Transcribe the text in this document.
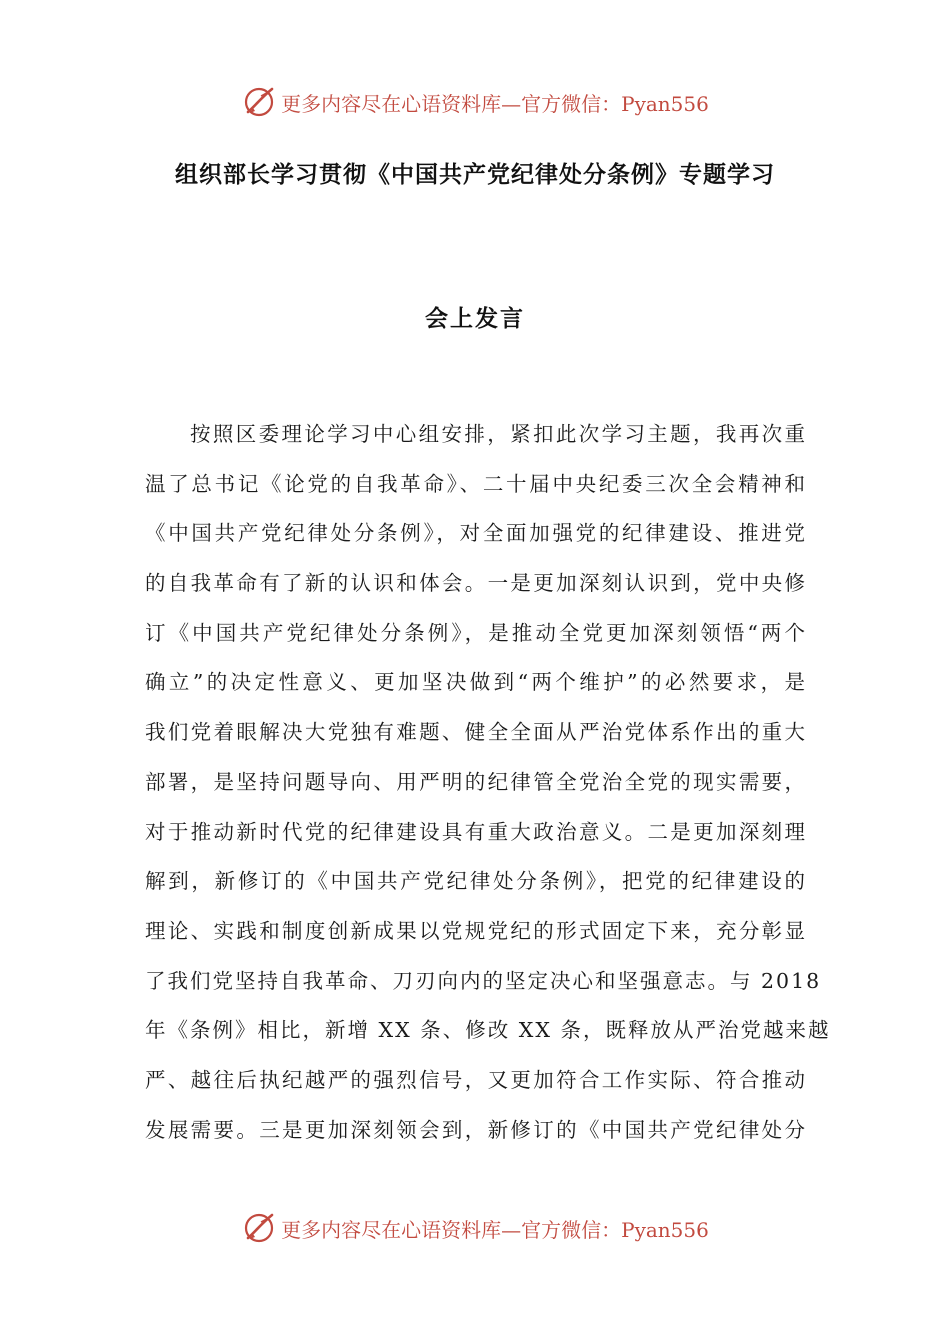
更多内容尽在心语资料库—官方微信：Pyan556
组织部长学习贯彻《中国共产党纪律处分条例》专题学习
会上发言
按照区委理论学习中心组安排，紧扣此次学习主题，我再次重
温了总书记《论党的自我革命》、二十届中央纪委三次全会精神和
《中国共产党纪律处分条例》，对全面加强党的纪律建设、推进党
的自我革命有了新的认识和体会。一是更加深刻认识到，党中央修
订《中国共产党纪律处分条例》，是推动全党更加深刻领悟“两个
确立”的决定性意义、更加坚决做到“两个维护”的必然要求，是
我们党着眼解决大党独有难题、健全全面从严治党体系作出的重大
部署，是坚持问题导向、用严明的纪律管全党治全党的现实需要，
对于推动新时代党的纪律建设具有重大政治意义。二是更加深刻理
解到，新修订的《中国共产党纪律处分条例》，把党的纪律建设的
理论、实践和制度创新成果以党规党纪的形式固定下来，充分彰显
了我们党坚持自我革命、刀刃向内的坚定决心和坚强意志。与 2018
年《条例》相比，新增 XX 条、修改 XX 条，既释放从严治党越来越
严、越往后执纪越严的强烈信号，又更加符合工作实际、符合推动
发展需要。三是更加深刻领会到，新修订的《中国共产党纪律处分
更多内容尽在心语资料库—官方微信：Pyan556
